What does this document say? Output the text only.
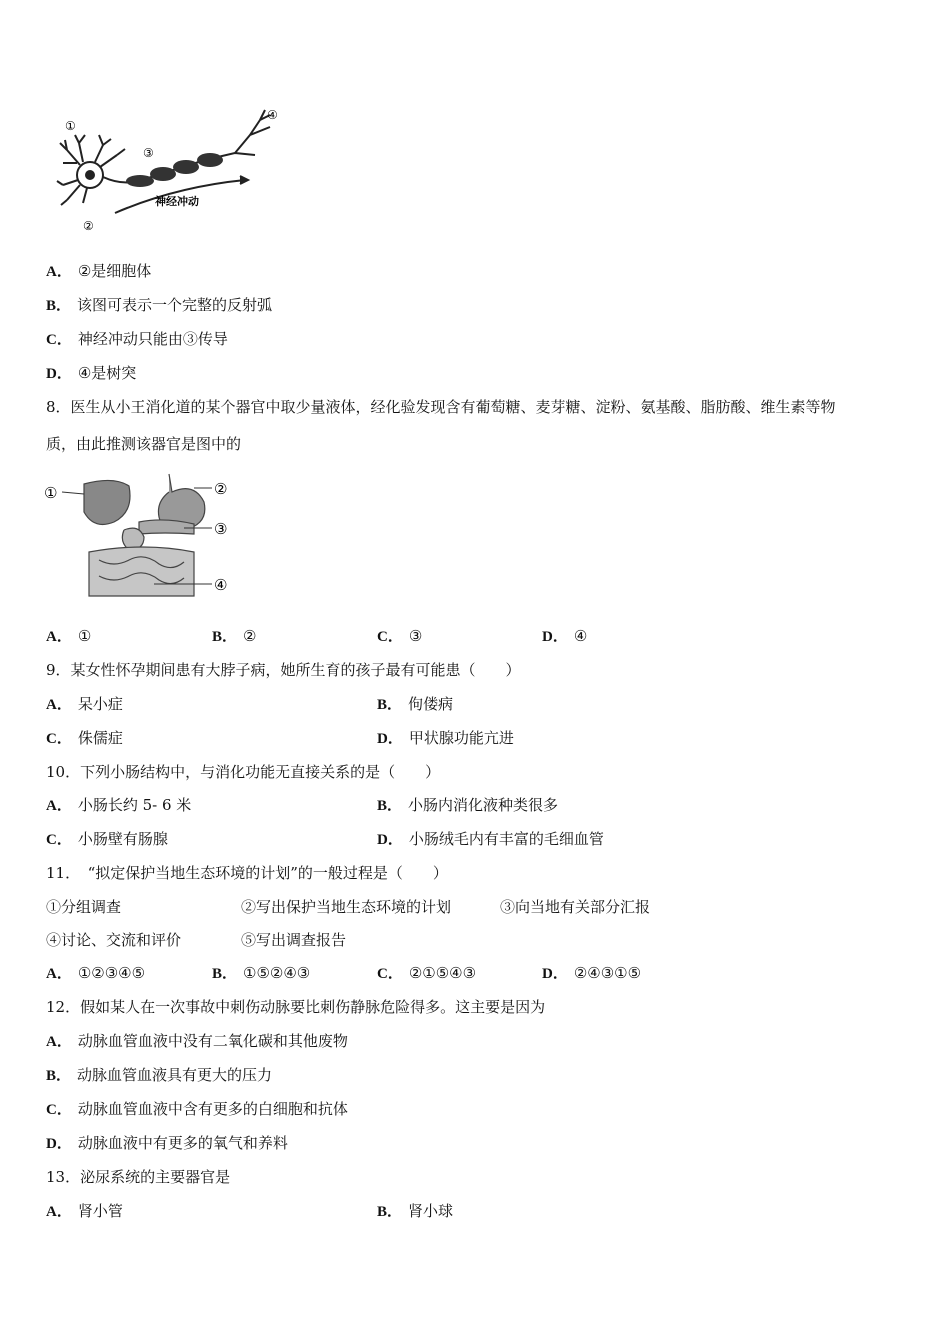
①
②
③
④
神经冲动
A． ②是细胞体
B． 该图可表示一个完整的反射弧
C． 神经冲动只能由③传导
D． ④是树突
8．医生从小王消化道的某个器官中取少量液体，经化验发现含有葡萄糖、麦芽糖、淀粉、氨基酸、脂肪酸、维生素等物
质，由此推测该器官是图中的
①	②
③
④
A． ①	B． ②	C． ③	D． ④
9．某女性怀孕期间患有大脖子病，她所生育的孩子最有可能患（　　）
A． 呆小症	B． 佝偻病
C． 侏儒症	D． 甲状腺功能亢进
10．下列小肠结构中，与消化功能无直接关系的是（　　）
A． 小肠长约 5- 6 米	B． 小肠内消化液种类很多
C． 小肠壁有肠腺	D． 小肠绒毛内有丰富的毛细血管
11．　“拟定保护当地生态环境的计划”的一般过程是（　　）
①分组调查	②写出保护当地生态环境的计划	③向当地有关部分汇报
④讨论、交流和评价	⑤写出调查报告
A． ①②③④⑤	B． ①⑤②④③	C． ②①⑤④③	D． ②④③①⑤
12．假如某人在一次事故中刺伤动脉要比刺伤静脉危险得多。这主要是因为
A． 动脉血管血液中没有二氧化碳和其他废物
B． 动脉血管血液具有更大的压力
C． 动脉血管血液中含有更多的白细胞和抗体
D． 动脉血液中有更多的氧气和养料
13．泌尿系统的主要器官是
A． 肾小管	B． 肾小球
